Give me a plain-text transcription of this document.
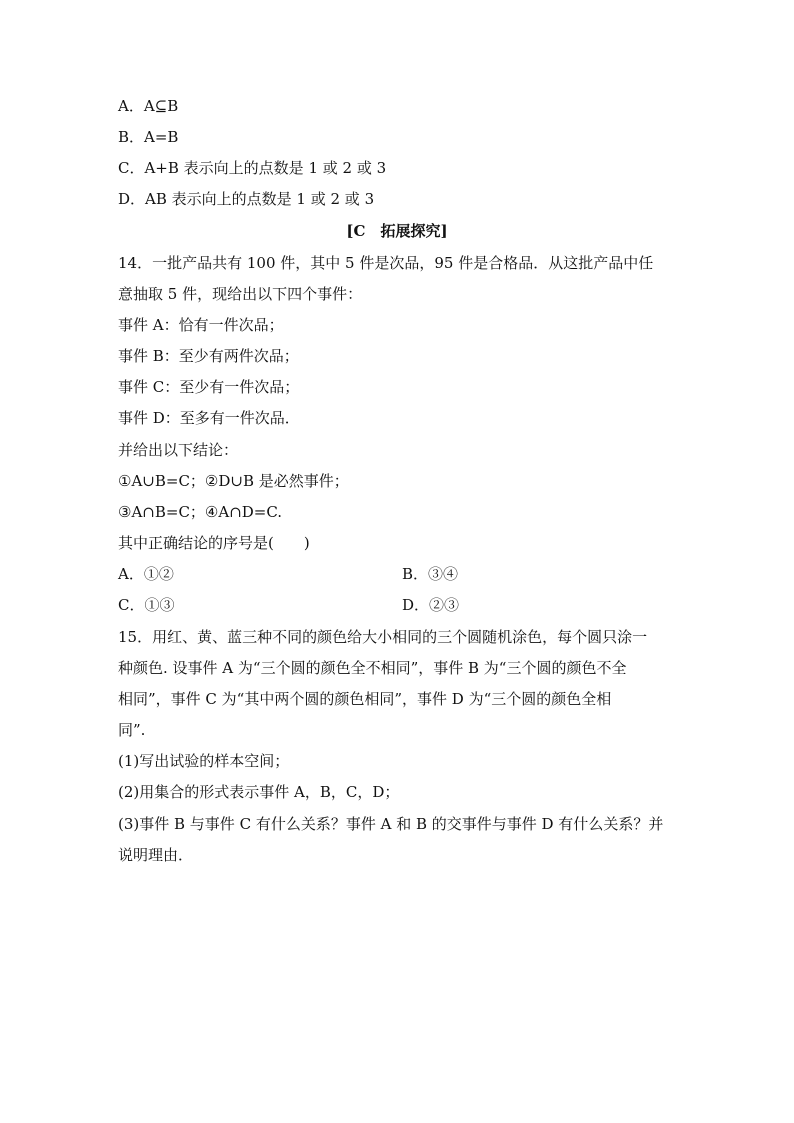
A．A⊆B
B．A=B
C．A+B 表示向上的点数是 1 或 2 或 3
D．AB 表示向上的点数是 1 或 2 或 3
[C　拓展探究]
14．一批产品共有 100 件，其中 5 件是次品，95 件是合格品．从这批产品中任
意抽取 5 件，现给出以下四个事件：
事件 A：恰有一件次品；
事件 B：至少有两件次品；
事件 C：至少有一件次品；
事件 D：至多有一件次品．
并给出以下结论：
①A∪B=C；②D∪B 是必然事件；
③A∩B=C；④A∩D=C.
其中正确结论的序号是(　　)
A．①②	B．③④
C．①③	D．②③
15．用红、黄、蓝三种不同的颜色给大小相同的三个圆随机涂色，每个圆只涂一
种颜色. 设事件 A 为“三个圆的颜色全不相同”，事件 B 为“三个圆的颜色不全
相同”，事件 C 为“其中两个圆的颜色相同”，事件 D 为“三个圆的颜色全相
同”.
(1)写出试验的样本空间；
(2)用集合的形式表示事件 A，B，C，D；
(3)事件 B 与事件 C 有什么关系？事件 A 和 B 的交事件与事件 D 有什么关系？并
说明理由．
